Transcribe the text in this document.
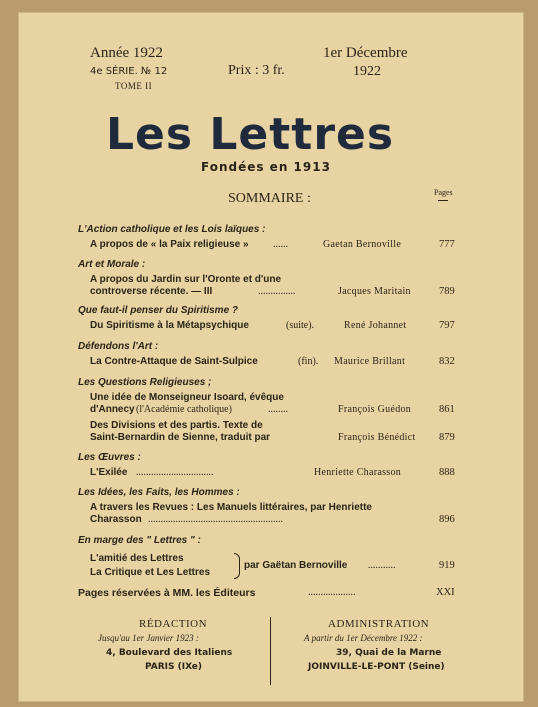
Année 1922
4e SÉRIE. № 12
TOME II
Prix : 3 fr.
1er Décembre
1922
Les Lettres
Fondées en 1913
SOMMAIRE :	Pages
L'Action catholique et les Lois laïques :
A propos de « la Paix religieuse » ......	Gaetan Bernoville	777
Art et Morale :
A propos du Jardin sur l'Oronte et d'une
controverse récente. — III	...............	Jacques Maritain	789
Que faut-il penser du Spiritisme ?
Du Spiritisme à la Métapsychique	(suite).	René Johannet	797
Défendons l'Art :
La Contre-Attaque de Saint-Sulpice	(fin). Maurice Brillant	832
Les Questions Religieuses ;
Une idée de Monseigneur Isoard, évêque
d'Annecy (l'Académie catholique)	........	François Guédon	861
Des Divisions et des partis. Texte de
Saint-Bernardin de Sienne, traduit par	François Bénédict 879
Les Œuvres :
L'Exilée ...............................	Henriette Charasson	888
Les Idées, les Faits, les Hommes :
A travers les Revues : Les Manuels littéraires, par Henriette
Charasson ......................................................	896
En marge des " Lettres " :
L'amitié des Lettres
La Critique et Les Lettres
par Gaëtan Bernoville ...........	919
Pages réservées à MM. les Éditeurs	...................	XXI
RÉDACTION
Jusqu'au 1er Janvier 1923 :
4, Boulevard des Italiens
PARIS (IXe)
ADMINISTRATION
A partir du 1er Décembre 1922 :
39, Quai de la Marne
JOINVILLE-LE-PONT (Seine)
